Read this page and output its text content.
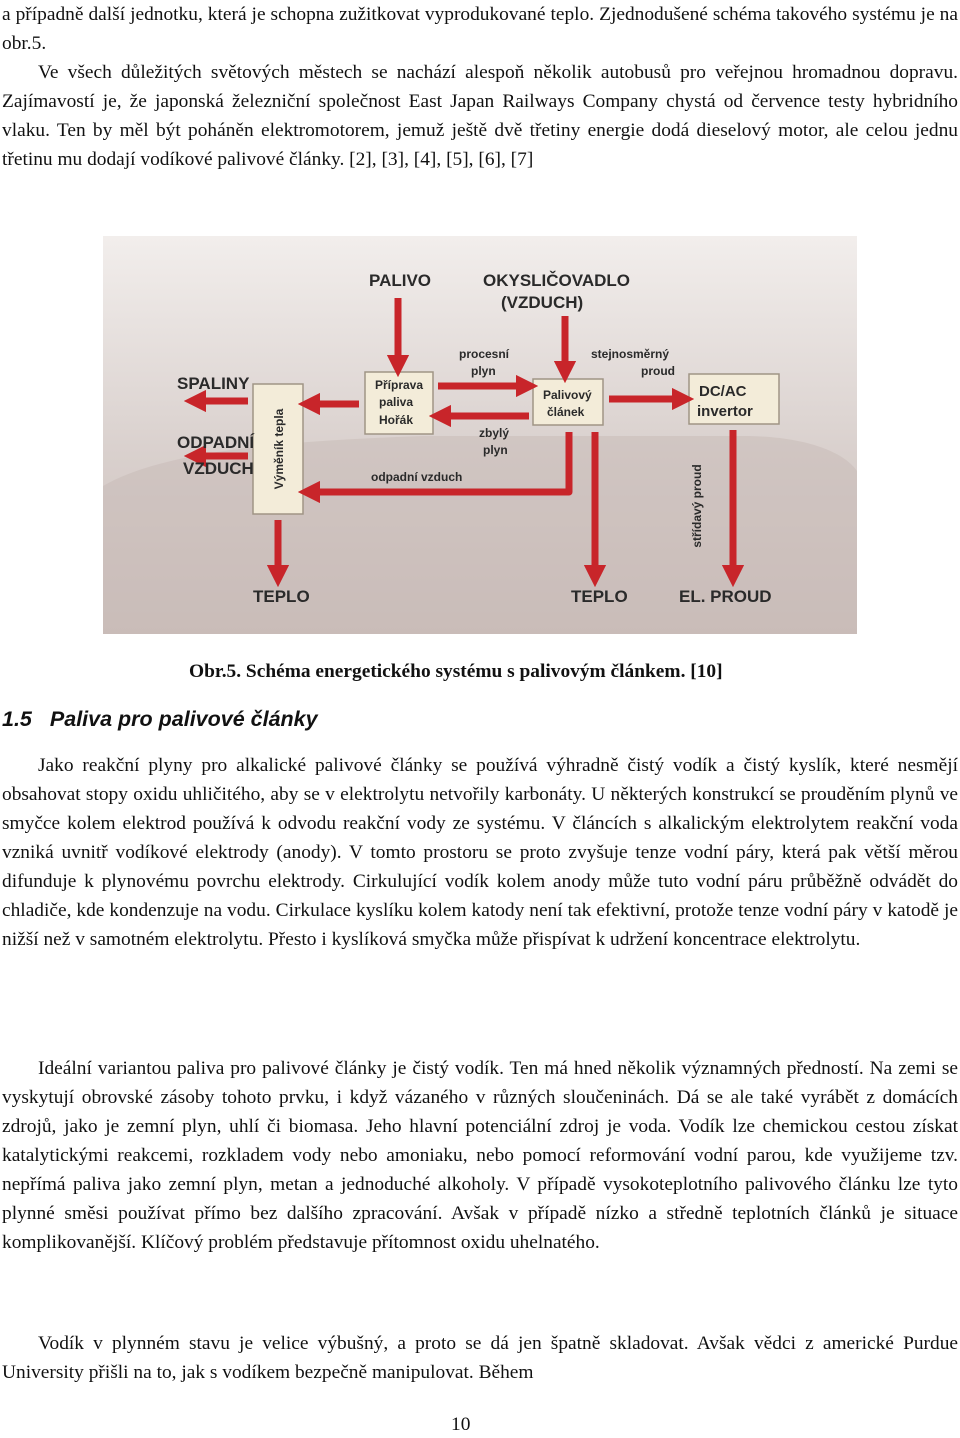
a případně další jednotku, která je schopna zužitkovat vyprodukované teplo. Zjednodušené schéma takového systému je na obr.5.

Ve všech důležitých světových městech se nachází alespoň několik autobusů pro veřejnou hromadnou dopravu. Zajímavostí je, že japonská železniční společnost East Japan Railways Company chystá od července testy hybridního vlaku. Ten by měl být poháněn elektromotorem, jemuž ještě dvě třetiny energie dodá dieselový motor, ale celou jednu třetinu mu dodají vodíkové palivové články. [2], [3], [4], [5], [6], [7]

PALIVO	OKYSLIČOVADLO
(VZDUCH)
SPALINY
ODPADNÍ
VZDUCH Výměník tepla
Příprava
paliva
Hořák
procesní
plyn
zbylý
plyn
Palivový
článek
stejnosměrný
proud
DC/AC
invertor
střídavý proud
odpadní vzduch
TEPLO	TEPLO	EL. PROUD

Obr.5. Schéma energetického systému s palivovým článkem. [10]

1.5 Paliva pro palivové články

Jako reakční plyny pro alkalické palivové články se používá výhradně čistý vodík a čistý kyslík, které nesmějí obsahovat stopy oxidu uhličitého, aby se v elektrolytu netvořily karbonáty. U některých konstrukcí se prouděním plynů ve smyčce kolem elektrod používá k odvodu reakční vody ze systému. V článcích s alkalickým elektrolytem reakční voda vzniká uvnitř vodíkové elektrody (anody). V tomto prostoru se proto zvyšuje tenze vodní páry, která pak větší měrou difunduje k plynovému povrchu elektrody. Cirkulující vodík kolem anody může tuto vodní páru průběžně odvádět do chladiče, kde kondenzuje na vodu. Cirkulace kyslíku kolem katody není tak efektivní, protože tenze vodní páry v katodě je nižší než v samotném elektrolytu. Přesto i kyslíková smyčka může přispívat k udržení koncentrace elektrolytu.

Ideální variantou paliva pro palivové články je čistý vodík. Ten má hned několik významných předností. Na zemi se vyskytují obrovské zásoby tohoto prvku, i když vázaného v různých sloučeninách. Dá se ale také vyrábět z domácích zdrojů, jako je zemní plyn, uhlí či biomasa. Jeho hlavní potenciální zdroj je voda. Vodík lze chemickou cestou získat katalytickými reakcemi, rozkladem vody nebo amoniaku, nebo pomocí reformování vodní parou, kde využijeme tzv. nepřímá paliva jako zemní plyn, metan a jednoduché alkoholy. V případě vysokoteplotního palivového článku lze tyto plynné směsi používat přímo bez dalšího zpracování. Avšak v případě nízko a středně teplotních článků je situace komplikovanější. Klíčový problém představuje přítomnost oxidu uhelnatého.

Vodík v plynném stavu je velice výbušný, a proto se dá jen špatně skladovat. Avšak vědci z americké Purdue University přišli na to, jak s vodíkem bezpečně manipulovat. Během

10
